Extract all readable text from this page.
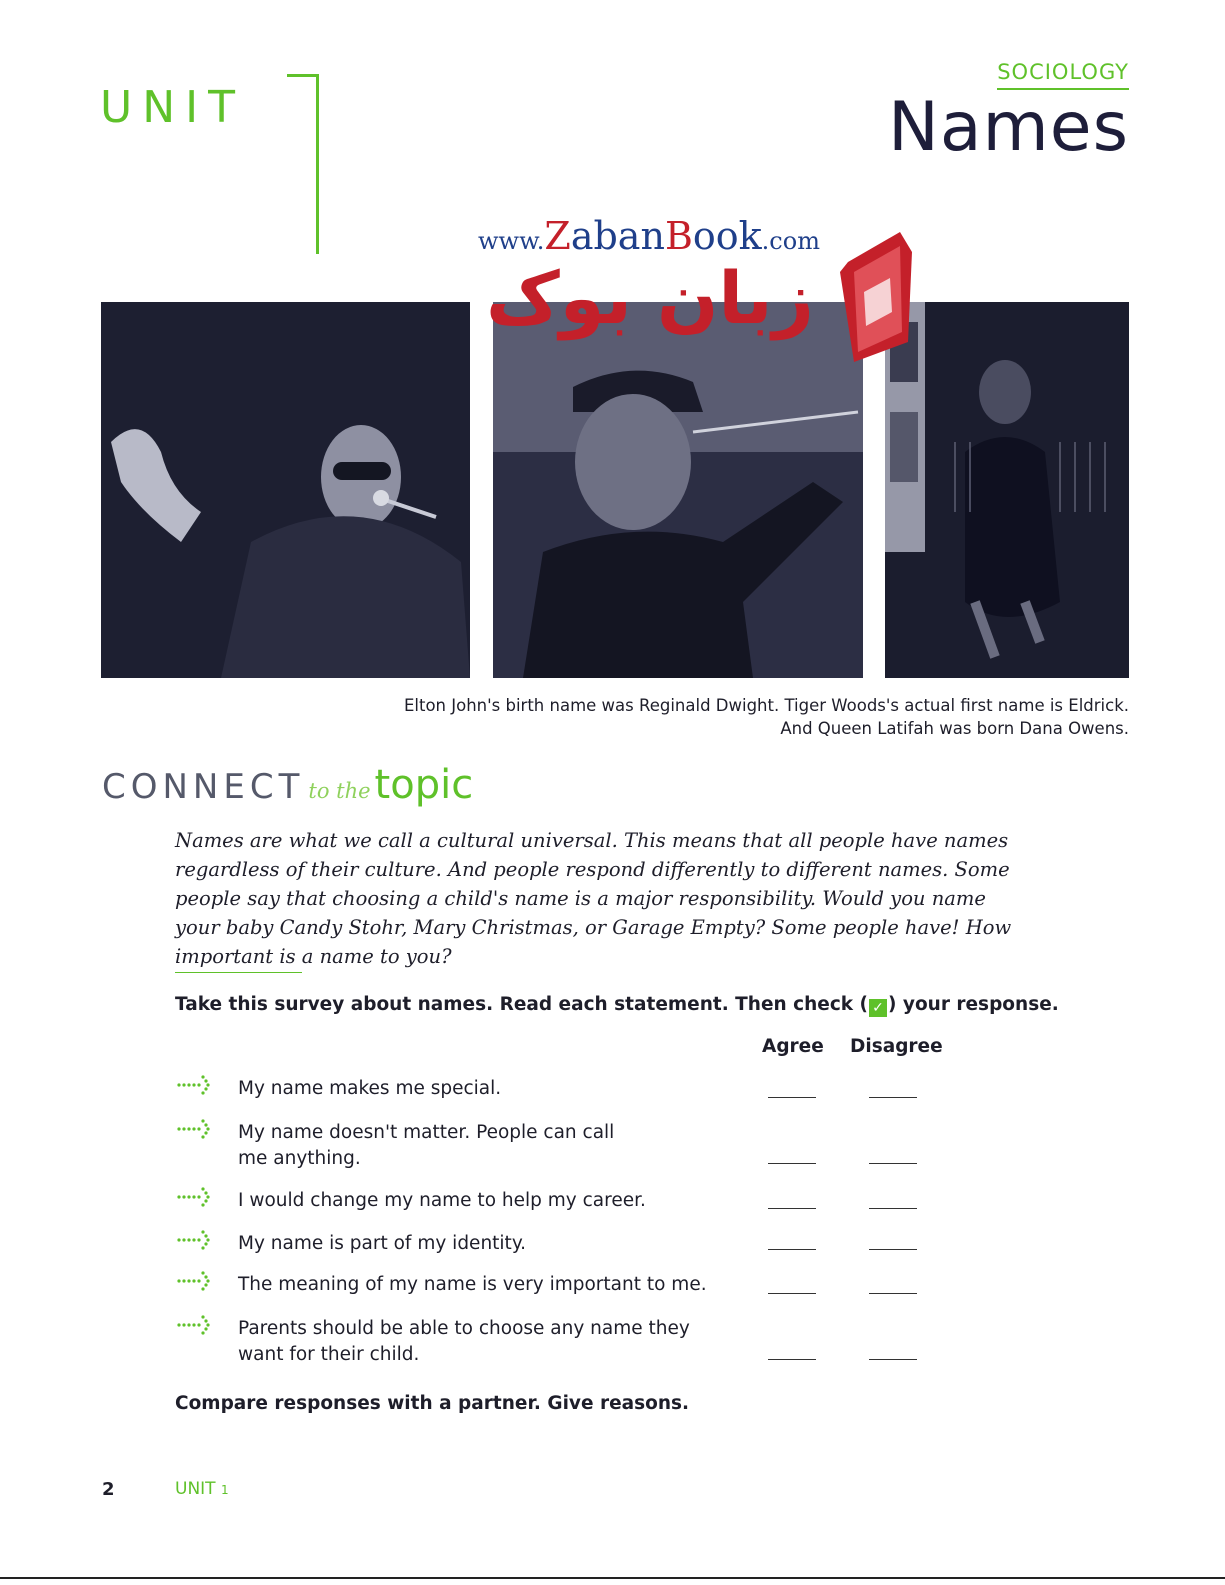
UNIT
SOCIOLOGY
Names
www.ZabanBook.com
زبان بوک
Elton John's birth name was Reginald Dwight. Tiger Woods's actual first name is Eldrick.
And Queen Latifah was born Dana Owens.
CONNECT to the topic
Names are what we call a cultural universal. This means that all people have names regardless of their culture. And people respond differently to different names. Some people say that choosing a child's name is a major responsibility. Would you name your baby Candy Stohr, Mary Christmas, or Garage Empty? Some people have! How important is a name to you?
Take this survey about names. Read each statement. Then check ( ✓ ) your response.
Agree Disagree
My name makes me special.
My name doesn't matter. People can call me anything.
I would change my name to help my career.
My name is part of my identity.
The meaning of my name is very important to me.
Parents should be able to choose any name they want for their child.
Compare responses with a partner. Give reasons.
2	UNIT 1
